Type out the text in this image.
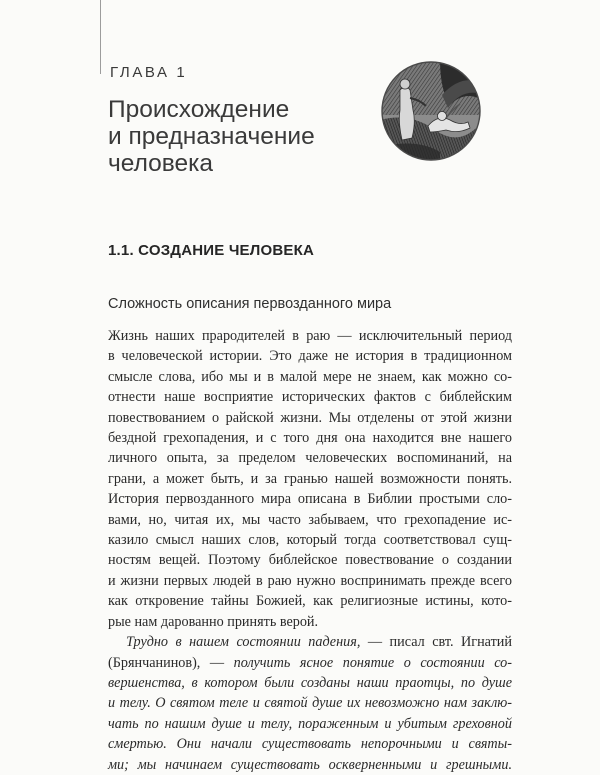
ГЛАВА 1
Происхождение
и предназначение
человека
1.1. СОЗДАНИЕ ЧЕЛОВЕКА
Сложность описания первозданного мира
Жизнь наших прародителей в раю — исключительный период
в человеческой истории. Это даже не история в традиционном
смысле слова, ибо мы и в малой мере не знаем, как можно со-
отнести наше восприятие исторических фактов с библейским
повествованием о райской жизни. Мы отделены от этой жизни
бездной грехопадения, и с того дня она находится вне нашего
личного опыта, за пределом человеческих воспоминаний, на
грани, а может быть, и за гранью нашей возможности понять.
История первозданного мира описана в Библии простыми сло-
вами, но, читая их, мы часто забываем, что грехопадение ис-
казило смысл наших слов, который тогда соответствовал сущ-
ностям вещей. Поэтому библейское повествование о создании
и жизни первых людей в раю нужно воспринимать прежде всего
как откровение тайны Божией, как религиозные истины, кото-
рые нам дарованно принять верой.
Трудно в нашем состоянии падения, — писал свт. Игнатий
(Брянчанинов), — получить ясное понятие о состоянии со-
вершенства, в котором были созданы наши праотцы, по душе
и телу. О святом теле и святой душе их невозможно нам заклю-
чать по нашим душе и телу, пораженным и убитым греховной
смертью. Они начали существовать непорочными и святы-
ми; мы начинаем существовать оскверненными и грешными.
